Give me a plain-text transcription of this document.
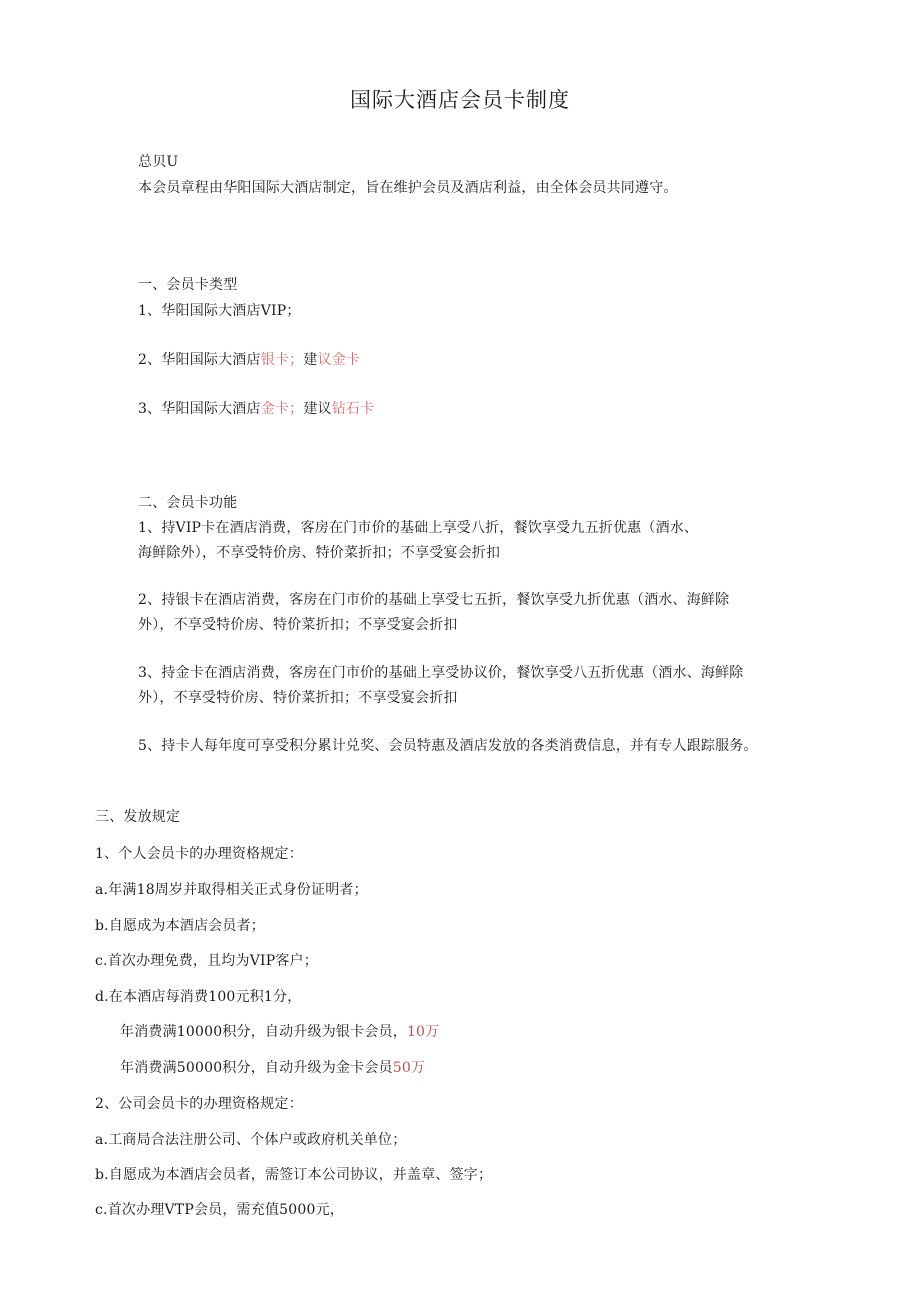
国际大酒店会员卡制度
总贝U
本会员章程由华阳国际大酒店制定，旨在维护会员及酒店利益，由全体会员共同遵守。
一、会员卡类型
1、华阳国际大酒店VIP；
2、华阳国际大酒店银卡；建议金卡
3、华阳国际大酒店金卡；建议钻石卡
二、会员卡功能
1、持VIP卡在酒店消费，客房在门市价的基础上享受八折，餐饮享受九五折优惠（酒水、
海鲜除外），不享受特价房、特价菜折扣；不享受宴会折扣
2、持银卡在酒店消费，客房在门市价的基础上享受七五折，餐饮享受九折优惠（酒水、海鲜除
外），不享受特价房、特价菜折扣；不享受宴会折扣
3、持金卡在酒店消费，客房在门市价的基础上享受协议价，餐饮享受八五折优惠（酒水、海鲜除
外），不享受特价房、特价菜折扣；不享受宴会折扣
5、持卡人每年度可享受积分累计兑奖、会员特惠及酒店发放的各类消费信息，并有专人跟踪服务。
三、发放规定
1、个人会员卡的办理资格规定：
a.年满18周岁并取得相关正式身份证明者；
b.自愿成为本酒店会员者；
c.首次办理免费，且均为VIP客户；
d.在本酒店每消费100元积1分，
年消费满10000积分，自动升级为银卡会员，10万
年消费满50000积分，自动升级为金卡会员50万
2、公司会员卡的办理资格规定：
a.工商局合法注册公司、个体户或政府机关单位；
b.自愿成为本酒店会员者，需签订本公司协议，并盖章、签字；
c.首次办理VTP会员，需充值5000元，
